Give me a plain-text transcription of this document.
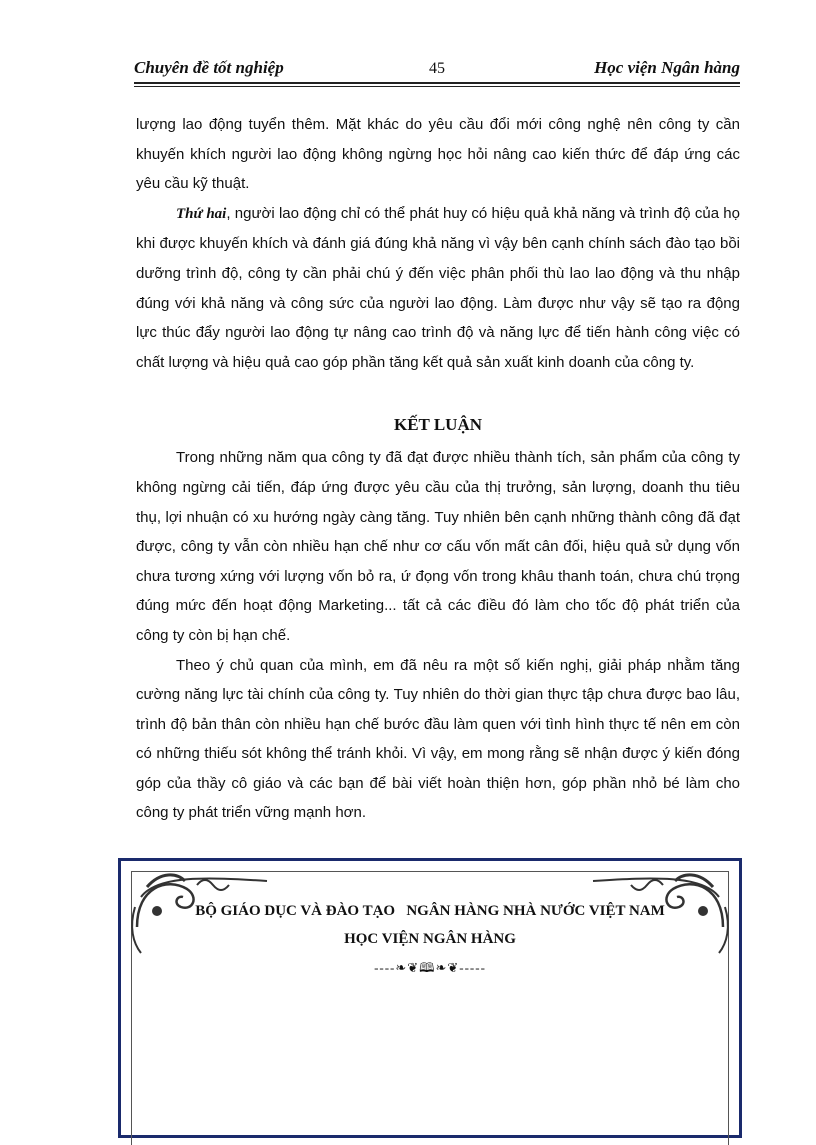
Chuyên đề tốt nghiệp	45	Học viện Ngân hàng

lượng lao động tuyển thêm. Mặt khác do yêu cầu đổi mới công nghệ nên công ty cần khuyến khích người lao động không ngừng học hỏi nâng cao kiến thức để đáp ứng các yêu cầu kỹ thuật.

Thứ hai, người lao động chỉ có thể phát huy có hiệu quả khả năng và trình độ của họ khi được khuyến khích và đánh giá đúng khả năng vì vậy bên cạnh chính sách đào tạo bồi dưỡng trình độ, công ty cần phải chú ý đến việc phân phối thù lao lao động và thu nhập đúng với khả năng và công sức của người lao động. Làm được như vậy sẽ tạo ra động lực thúc đẩy người lao động tự nâng cao trình độ và năng lực để tiến hành công việc có chất lượng và hiệu quả cao góp phần tăng kết quả sản xuất kinh doanh của công ty.

KẾT LUẬN

Trong những năm qua công ty đã đạt được nhiều thành tích, sản phẩm của công ty không ngừng cải tiến, đáp ứng được yêu cầu của thị trưởng, sản lượng, doanh thu tiêu thụ, lợi nhuận có xu hướng ngày càng tăng. Tuy nhiên bên cạnh những thành công đã đạt được, công ty vẫn còn nhiều hạn chế như cơ cấu vốn mất cân đối, hiệu quả sử dụng vốn chưa tương xứng với lượng vốn bỏ ra, ứ đọng vốn trong khâu thanh toán, chưa chú trọng đúng mức đến hoạt động Marketing... tất cả các điều đó làm cho tốc độ phát triển của công ty còn bị hạn chế.

Theo ý chủ quan của mình, em đã nêu ra một số kiến nghị, giải pháp nhằm tăng cường năng lực tài chính của công ty. Tuy nhiên do thời gian thực tập chưa được bao lâu, trình độ bản thân còn nhiều hạn chế bước đầu làm quen với tình hình thực tế nên em còn có những thiếu sót không thể tránh khỏi. Vì vậy, em mong rằng sẽ nhận được ý kiến đóng góp của thầy cô giáo và các bạn để bài viết hoàn thiện hơn, góp phần nhỏ bé làm cho công ty phát triển vững mạnh hơn.

BỘ GIÁO DỤC VÀ ĐÀO TẠO   NGÂN HÀNG NHÀ NƯỚC VIỆT NAM
HỌC VIỆN NGÂN HÀNG
----❧❦🕮❧❦-----
